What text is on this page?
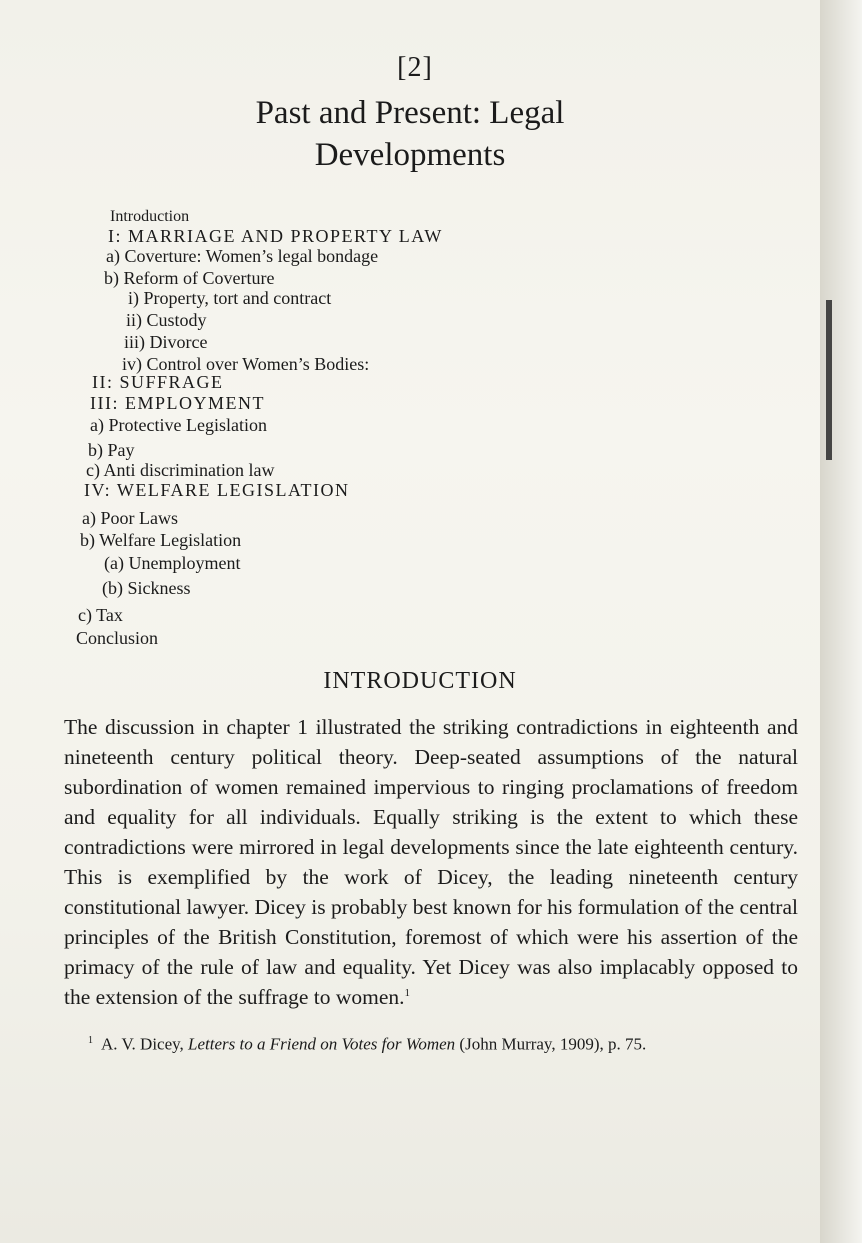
[2]
Past and Present: Legal
Developments
Introduction
I: MARRIAGE AND PROPERTY LAW
a) Coverture: Women’s legal bondage
b) Reform of Coverture
i) Property, tort and contract
ii) Custody
iii) Divorce
iv) Control over Women’s Bodies:
II: SUFFRAGE
III: EMPLOYMENT
a) Protective Legislation
b) Pay
c) Anti discrimination law
IV: WELFARE LEGISLATION
a) Poor Laws
b) Welfare Legislation
(a) Unemployment
(b) Sickness
c) Tax
Conclusion
INTRODUCTION
The discussion in chapter 1 illustrated the striking contradictions in eighteenth and nineteenth century political theory. Deep-seated assumptions of the natural subordination of women remained impervious to ringing proclamations of freedom and equality for all individuals. Equally striking is the extent to which these contradictions were mirrored in legal developments since the late eighteenth century. This is exemplified by the work of Dicey, the leading nineteenth century constitutional lawyer. Dicey is probably best known for his formulation of the central principles of the British Constitution, foremost of which were his assertion of the primacy of the rule of law and equality. Yet Dicey was also implacably opposed to the extension of the suffrage to women.$^1$
$^1$ A. V. Dicey, Letters to a Friend on Votes for Women (John Murray, 1909), p. 75.
